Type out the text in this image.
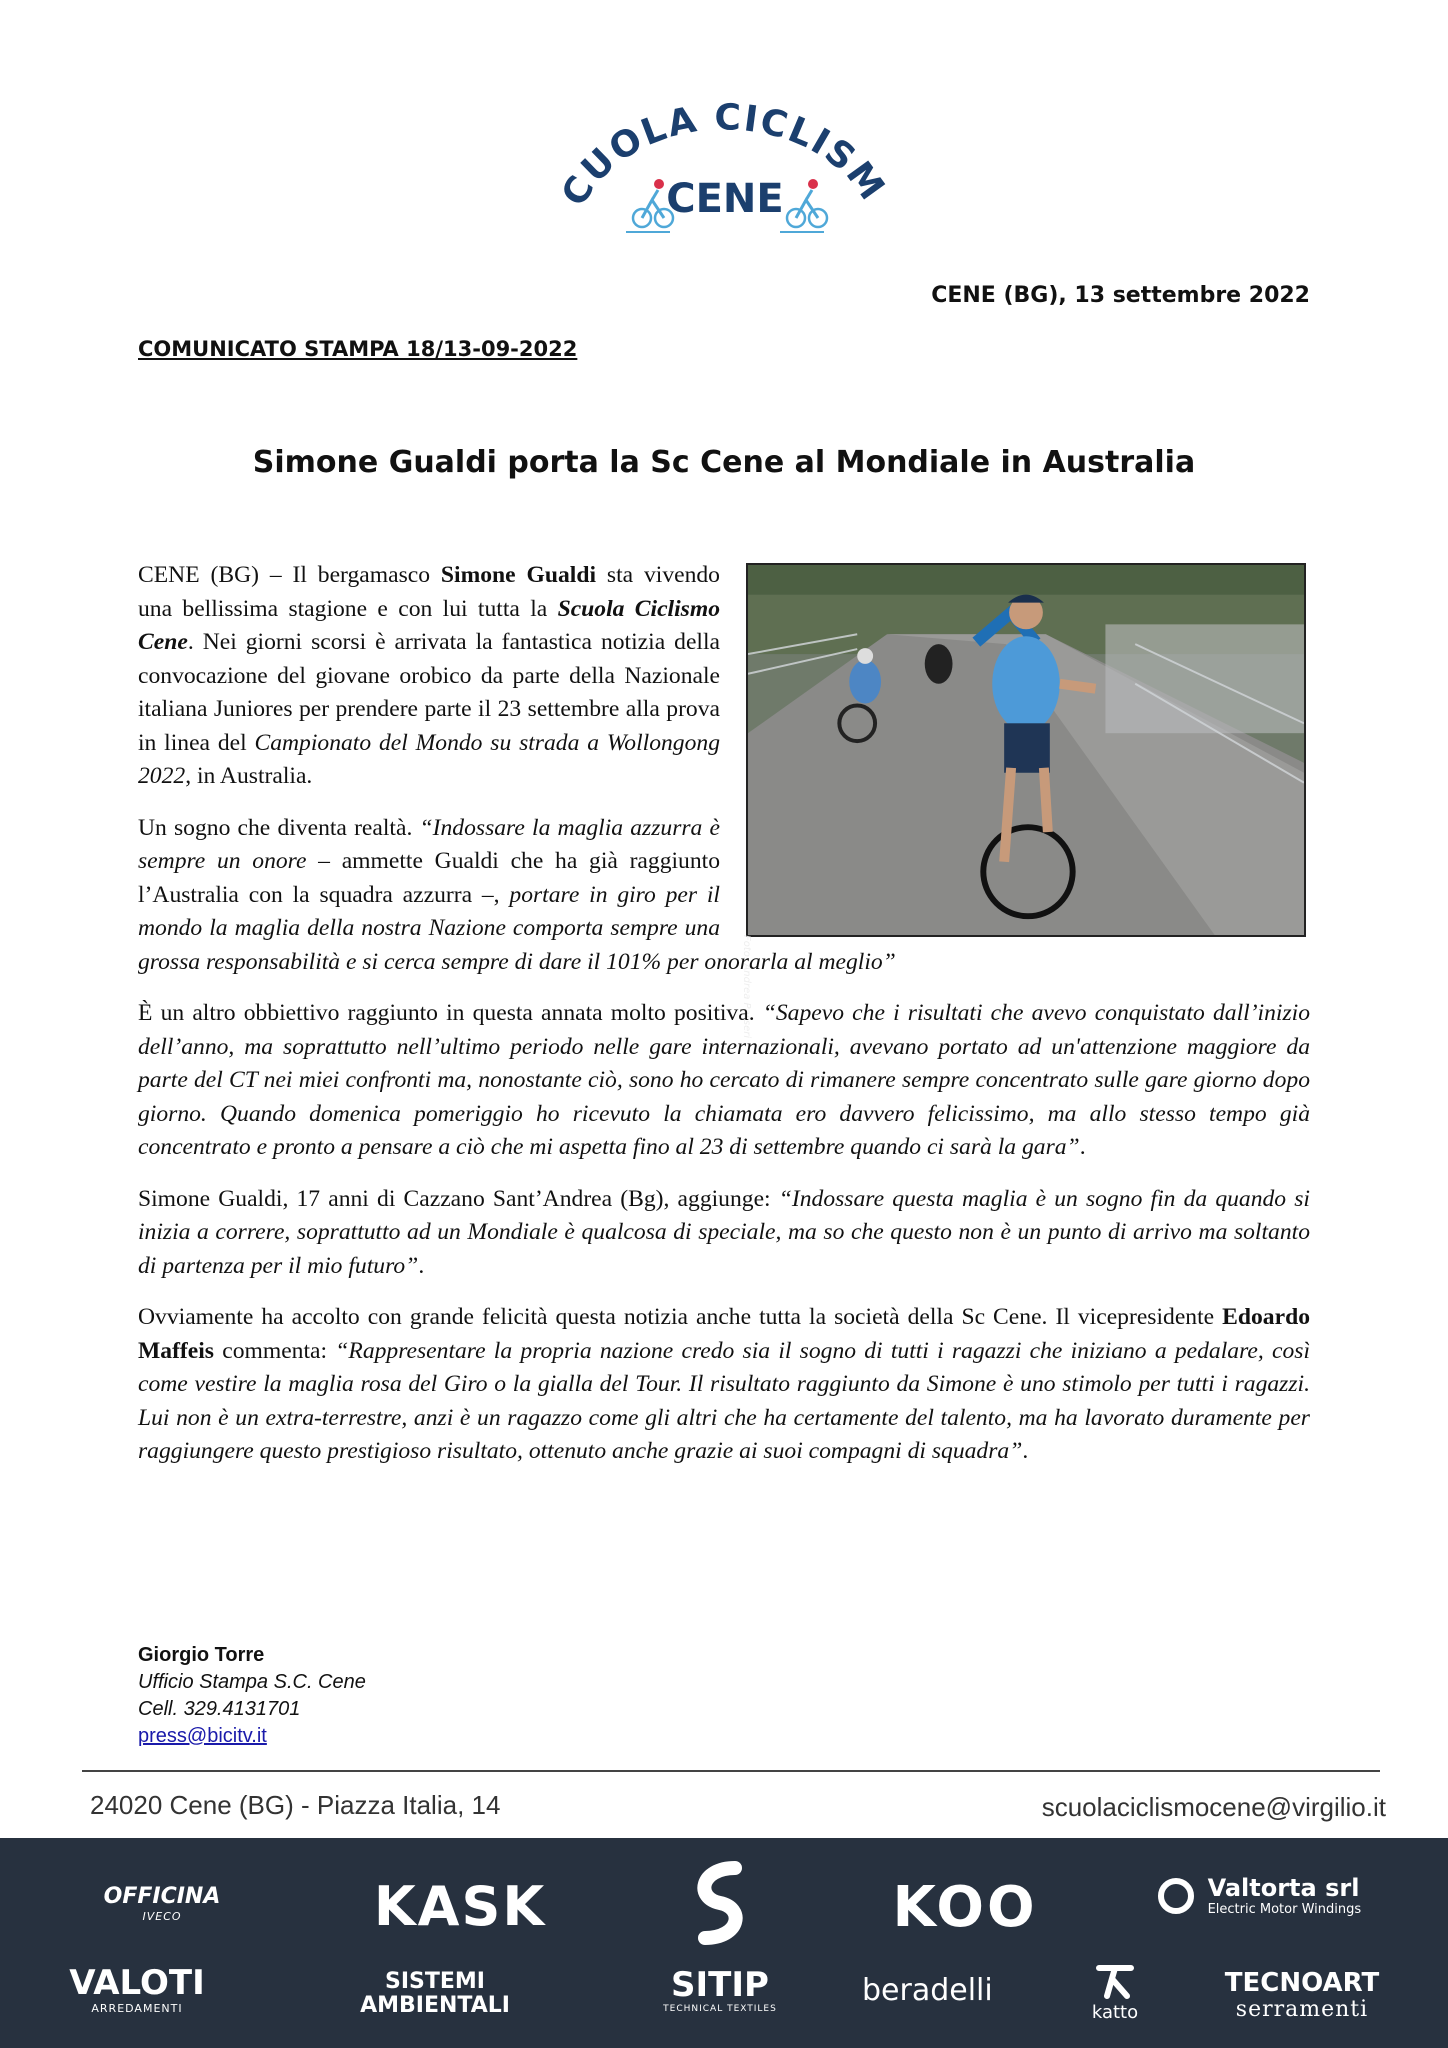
UOLA CICLISM
CENE
CENE (BG), 13 settembre 2022
COMUNICATO STAMPA 18/13-09-2022
Simone Gualdi porta la Sc Cene al Mondiale in Australia
Foto: Andrea Passeri

CENE (BG) – Il bergamasco Simone Gualdi sta vivendo una bellissima stagione e con lui tutta la Scuola Ciclismo Cene. Nei giorni scorsi è arrivata la fantastica notizia della convocazione del giovane orobico da parte della Nazionale italiana Juniores per prendere parte il 23 settembre alla prova in linea del Campionato del Mondo su strada a Wollongong 2022, in Australia.

Un sogno che diventa realtà. “Indossare la maglia azzurra è sempre un onore – ammette Gualdi che ha già raggiunto l’Australia con la squadra azzurra –, portare in giro per il mondo la maglia della nostra Nazione comporta sempre una grossa responsabilità e si cerca sempre di dare il 101% per onorarla al meglio”

È un altro obbiettivo raggiunto in questa annata molto positiva. “Sapevo che i risultati che avevo conquistato dall’inizio dell’anno, ma soprattutto nell’ultimo periodo nelle gare internazionali, avevano portato ad un'attenzione maggiore da parte del CT nei miei confronti ma, nonostante ciò, sono ho cercato di rimanere sempre concentrato sulle gare giorno dopo giorno. Quando domenica pomeriggio ho ricevuto la chiamata ero davvero felicissimo, ma allo stesso tempo già concentrato e pronto a pensare a ciò che mi aspetta fino al 23 di settembre quando ci sarà la gara”.

Simone Gualdi, 17 anni di Cazzano Sant’Andrea (Bg), aggiunge: “Indossare questa maglia è un sogno fin da quando si inizia a correre, soprattutto ad un Mondiale è qualcosa di speciale, ma so che questo non è un punto di arrivo ma soltanto di partenza per il mio futuro”.

Ovviamente ha accolto con grande felicità questa notizia anche tutta la società della Sc Cene. Il vicepresidente Edoardo Maffeis commenta: “Rappresentare la propria nazione credo sia il sogno di tutti i ragazzi che iniziano a pedalare, così come vestire la maglia rosa del Giro o la gialla del Tour. Il risultato raggiunto da Simone è uno stimolo per tutti i ragazzi. Lui non è un extra-terrestre, anzi è un ragazzo come gli altri che ha certamente del talento, ma ha lavorato duramente per raggiungere questo prestigioso risultato, ottenuto anche grazie ai suoi compagni di squadra”.

Giorgio Torre
Ufficio Stampa S.C. Cene
Cell. 329.4131701
press@bicitv.it
24020 Cene (BG) - Piazza Italia, 14	scuolaciclismocene@virgilio.it
OFFICINA
IVECO	KASK	KOO
	Valtorta srl
Electric Motor Windings
VALOTI
ARREDAMENTI
SISTEMI AMBIENTALI
SITIP
TECHNICAL TEXTILES
beradelli
katto
TECNOART
serramenti
